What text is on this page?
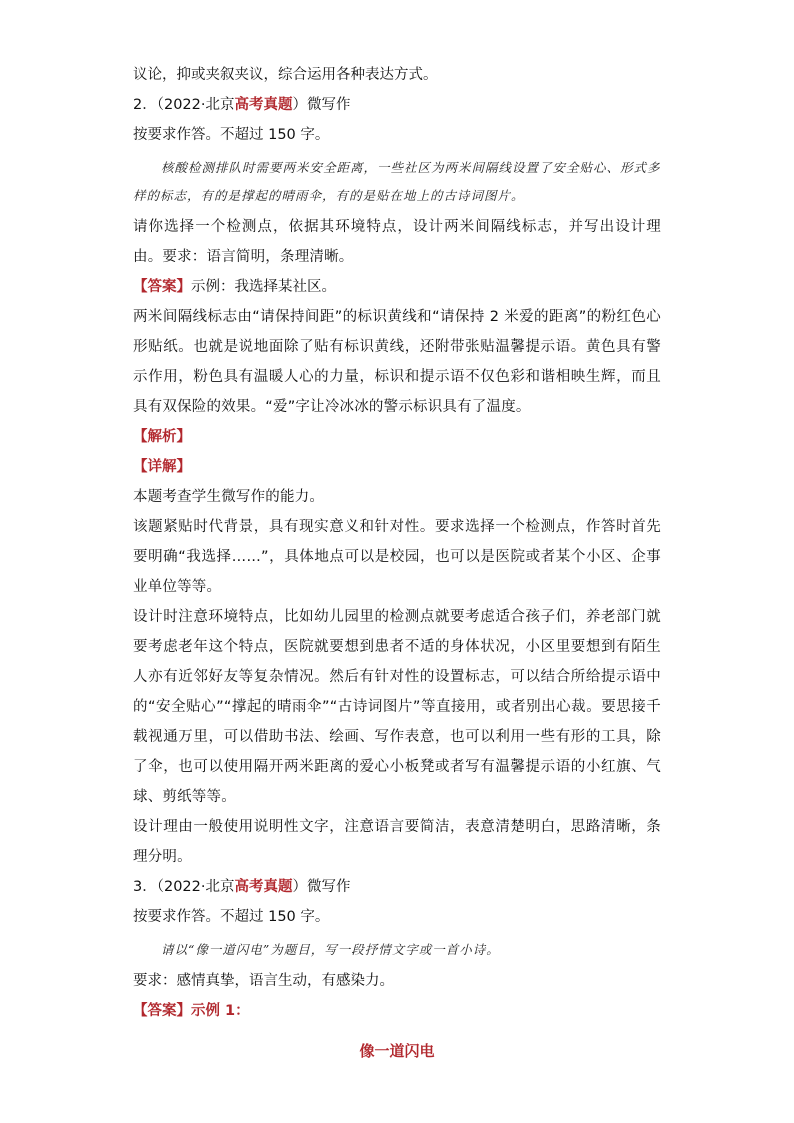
议论，抑或夹叙夹议，综合运用各种表达方式。

2．（2022·北京高考真题）微写作

按要求作答。不超过 150 字。

核酸检测排队时需要两米安全距离，一些社区为两米间隔线设置了安全贴心、形式多样的标志，有的是撑起的晴雨伞，有的是贴在地上的古诗词图片。

请你选择一个检测点，依据其环境特点，设计两米间隔线标志，并写出设计理由。要求：语言简明，条理清晰。

【答案】示例：我选择某社区。

两米间隔线标志由“请保持间距”的标识黄线和“请保持 2 米爱的距离”的粉红色心形贴纸。也就是说地面除了贴有标识黄线，还附带张贴温馨提示语。黄色具有警示作用，粉色具有温暖人心的力量，标识和提示语不仅色彩和谐相映生辉，而且具有双保险的效果。“爱”字让冷冰冰的警示标识具有了温度。

【解析】

【详解】

本题考查学生微写作的能力。

该题紧贴时代背景，具有现实意义和针对性。要求选择一个检测点，作答时首先要明确“我选择……”，具体地点可以是校园，也可以是医院或者某个小区、企事业单位等等。

设计时注意环境特点，比如幼儿园里的检测点就要考虑适合孩子们，养老部门就要考虑老年这个特点，医院就要想到患者不适的身体状况，小区里要想到有陌生人亦有近邻好友等复杂情况。然后有针对性的设置标志，可以结合所给提示语中的“安全贴心”“撑起的晴雨伞”“古诗词图片”等直接用，或者别出心裁。要思接千载视通万里，可以借助书法、绘画、写作表意，也可以利用一些有形的工具，除了伞，也可以使用隔开两米距离的爱心小板凳或者写有温馨提示语的小红旗、气球、剪纸等等。

设计理由一般使用说明性文字，注意语言要简洁，表意清楚明白，思路清晰，条理分明。

3．（2022·北京高考真题）微写作

按要求作答。不超过 150 字。

请以“像一道闪电”为题目，写一段抒情文字或一首小诗。

要求：感情真挚，语言生动，有感染力。

【答案】示例 1：

像一道闪电
